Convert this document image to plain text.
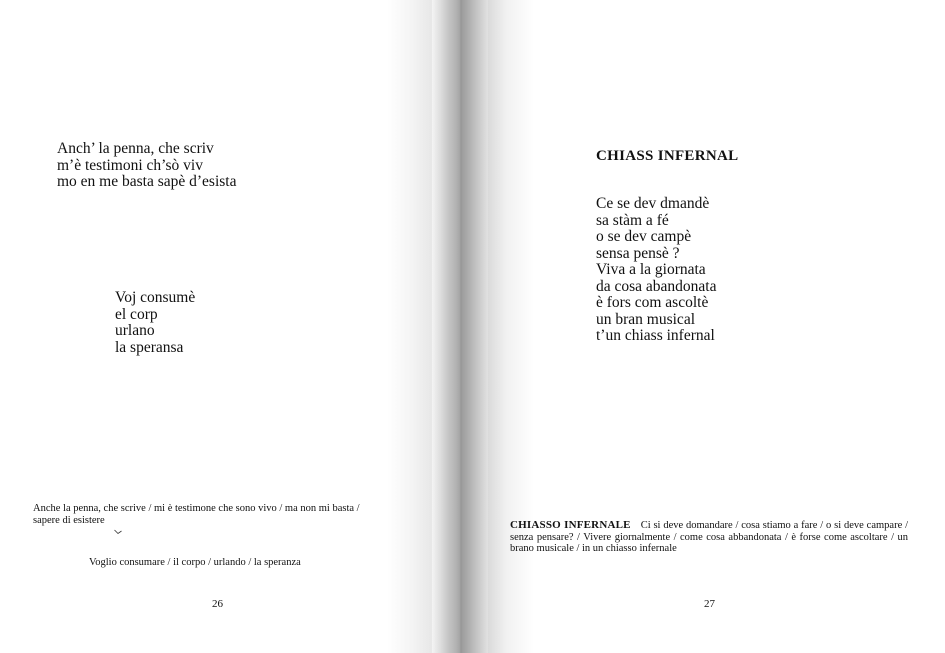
Anch’ la penna, che scriv
m’è testimoni ch’sò viv
mo en me basta sapè d’esista
Voj consumè
el corp
urlano
la speransa
Anche la penna, che scrive / mi è testimone che sono vivo / ma non mi basta /
sapere di esistere
Voglio consumare / il corpo / urlando / la speranza
26
CHIASS INFERNAL
Ce se dev dmandè
sa stàm a fé
o se dev campè
sensa pensè ?
Viva a la giornata
da cosa abandonata
è fors com ascoltè
un bran musical
t’un chiass infernal
CHIASSO INFERNALE Ci si deve domandare / cosa stiamo a fare / o si deve campare / senza pensare? / Vivere giornalmente / come cosa abbandonata / è forse come ascoltare / un brano musicale / in un chiasso infernale
27
